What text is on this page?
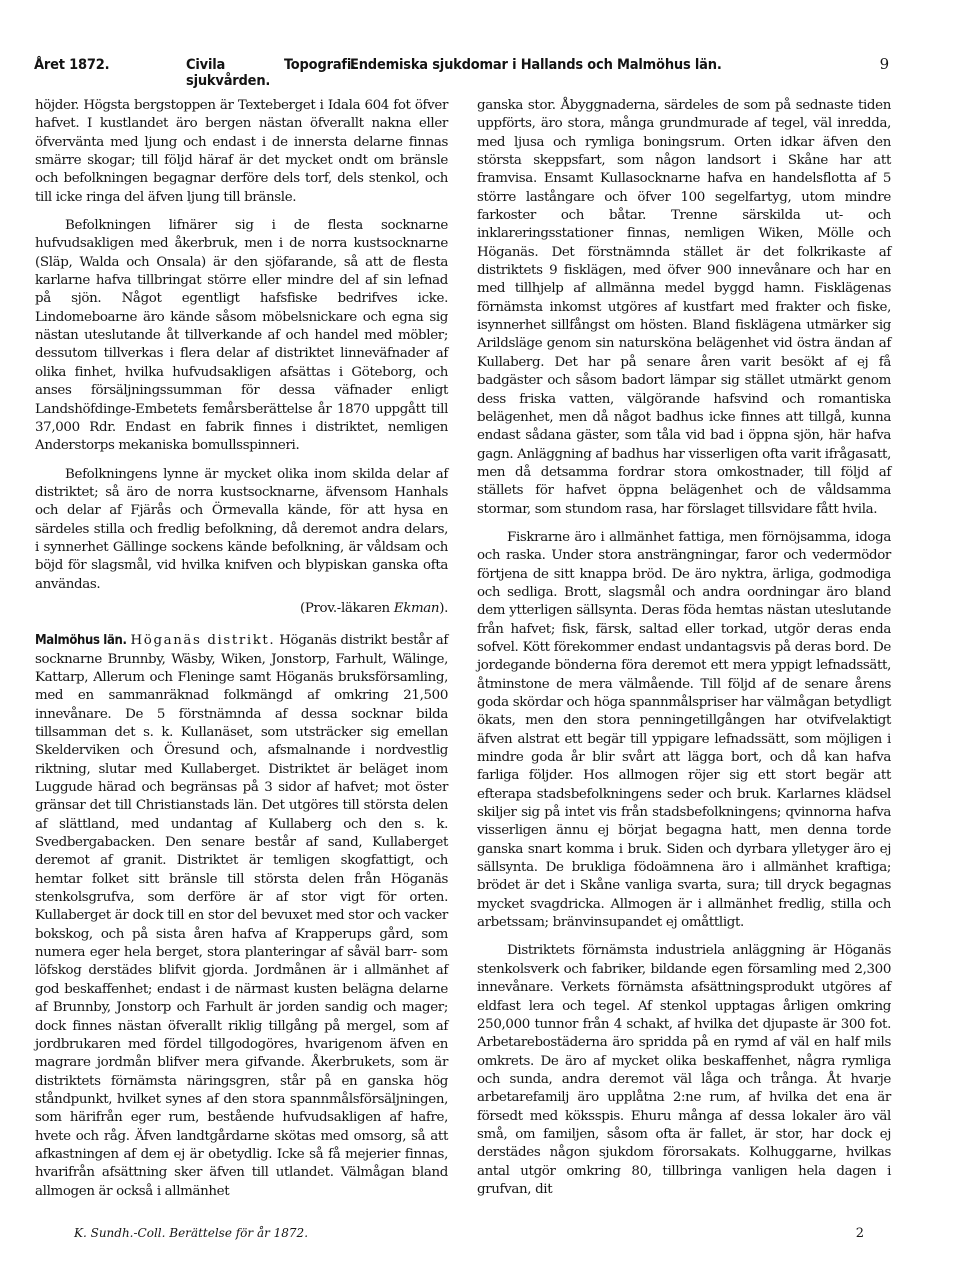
Året 1872.	Civila sjukvården.
Topografi.
Endemiska sjukdomar i Hallands och Malmöhus län.	9

höjder. Högsta bergstoppen är Texteberget i Idala 604 fot öfver hafvet. I kustlandet äro bergen nästan öfverallt nakna eller öfvervänta med ljung och endast i de innersta delarne finnas smärre skogar; till följd häraf är det mycket ondt om bränsle och befolkningen begagnar derföre dels torf, dels stenkol, och till icke ringa del äfven ljung till bränsle.

Befolkningen lifnärer sig i de flesta socknarne hufvudsakligen med åkerbruk, men i de norra kustsocknarne (Släp, Walda och Onsala) är den sjöfarande, så att de flesta karlarne hafva tillbringat större eller mindre del af sin lefnad på sjön. Något egentligt hafsfiske bedrifves icke. Lindomeboarne äro kände såsom möbelsnickare och egna sig nästan uteslutande åt tillverkande af och handel med möbler; dessutom tillverkas i flera delar af distriktet linneväfnader af olika finhet, hvilka hufvudsakligen afsättas i Göteborg, och anses försäljningssumman för dessa väfnader enligt Landshöfdinge-Embetets femårsberättelse år 1870 uppgått till 37,000 Rdr. Endast en fabrik finnes i distriktet, nemligen Anderstorps mekaniska bomullsspinneri.

Befolkningens lynne är mycket olika inom skilda delar af distriktet; så äro de norra kustsocknarne, äfvensom Hanhals och delar af Fjärås och Örmevalla kände, för att hysa en särdeles stilla och fredlig befolkning, då deremot andra delars, i synnerhet Gällinge sockens kände befolkning, är våldsam och böjd för slagsmål, vid hvilka knifven och blypiskan ganska ofta användas.

(Prov.-läkaren Ekman).

Malmöhus län. Höganäs distrikt. Höganäs distrikt består af socknarne Brunnby, Wäsby, Wiken, Jonstorp, Farhult, Wälinge, Kattarp, Allerum och Fleninge samt Höganäs bruksförsamling, med en sammanräknad folkmängd af omkring 21,500 innevånare. De 5 förstnämnda af dessa socknar bilda tillsamman det s. k. Kullanäset, som utsträcker sig emellan Skelderviken och Öresund och, afsmalnande i nordvestlig riktning, slutar med Kullaberget. Distriktet är beläget inom Luggude härad och begränsas på 3 sidor af hafvet; mot öster gränsar det till Christianstads län. Det utgöres till största delen af slättland, med undantag af Kullaberg och den s. k. Svedbergabacken. Den senare består af sand, Kullaberget deremot af granit. Distriktet är temligen skogfattigt, och hemtar folket sitt bränsle till största delen från Höganäs stenkolsgrufva, som derföre är af stor vigt för orten. Kullaberget är dock till en stor del bevuxet med stor och vacker bokskog, och på sista åren hafva af Krapperups gård, som numera eger hela berget, stora planteringar af såväl barr- som löfskog derstädes blifvit gjorda. Jordmånen är i allmänhet af god beskaffenhet; endast i de närmast kusten belägna delarne af Brunnby, Jonstorp och Farhult är jorden sandig och mager; dock finnes nästan öfverallt riklig tillgång på mergel, som af jordbrukaren med fördel tillgodogöres, hvarigenom äfven en magrare jordmån blifver mera gifvande. Åkerbrukets, som är distriktets förnämsta näringsgren, står på en ganska hög ståndpunkt, hvilket synes af den stora spannmålsförsäljningen, som härifrån eger rum, bestående hufvudsakligen af hafre, hvete och råg. Äfven landtgårdarne skötas med omsorg, så att afkastningen af dem ej är obetydlig. Icke så få mejerier finnas, hvarifrån afsättning sker äfven till utlandet. Välmågan bland allmogen är också i allmänhet

ganska stor. Åbyggnaderna, särdeles de som på sednaste tiden uppförts, äro stora, många grundmurade af tegel, väl inredda, med ljusa och rymliga boningsrum. Orten idkar äfven den största skeppsfart, som någon landsort i Skåne har att framvisa. Ensamt Kullasocknarne hafva en handelsflotta af 5 större lastångare och öfver 100 segelfartyg, utom mindre farkoster och båtar. Trenne särskilda ut- och inklareringsstationer finnas, nemligen Wiken, Mölle och Höganäs. Det förstnämnda stället är det folkrikaste af distriktets 9 fisklägen, med öfver 900 innevånare och har en med tillhjelp af allmänna medel byggd hamn. Fisklägenas förnämsta inkomst utgöres af kustfart med frakter och fiske, isynnerhet sillfångst om hösten. Bland fisklägena utmärker sig Arildsläge genom sin natursköna belägenhet vid östra ändan af Kullaberg. Det har på senare åren varit besökt af ej få badgäster och såsom badort lämpar sig stället utmärkt genom dess friska vatten, välgörande hafsvind och romantiska belägenhet, men då något badhus icke finnes att tillgå, kunna endast sådana gäster, som tåla vid bad i öppna sjön, här hafva gagn. Anläggning af badhus har visserligen ofta varit ifrågasatt, men då detsamma fordrar stora omkostnader, till följd af ställets för hafvet öppna belägenhet och de våldsamma stormar, som stundom rasa, har förslaget tillsvidare fått hvila.

Fiskrarne äro i allmänhet fattiga, men förnöjsamma, idoga och raska. Under stora ansträngningar, faror och vedermödor förtjena de sitt knappa bröd. De äro nyktra, ärliga, godmodiga och sedliga. Brott, slagsmål och andra oordningar äro bland dem ytterligen sällsynta. Deras föda hemtas nästan uteslutande från hafvet; fisk, färsk, saltad eller torkad, utgör deras enda sofvel. Kött förekommer endast undantagsvis på deras bord. De jordegande bönderna föra deremot ett mera yppigt lefnadssätt, åtminstone de mera välmående. Till följd af de senare årens goda skördar och höga spannmålspriser har välmågan betydligt ökats, men den stora penningetillgången har otvifvelaktigt äfven alstrat ett begär till yppigare lefnadssätt, som möjligen i mindre goda år blir svårt att lägga bort, och då kan hafva farliga följder. Hos allmogen röjer sig ett stort begär att efterapa stadsbefolkningens seder och bruk. Karlarnes klädsel skiljer sig på intet vis från stadsbefolkningens; qvinnorna hafva visserligen ännu ej börjat begagna hatt, men denna torde ganska snart komma i bruk. Siden och dyrbara ylletyger äro ej sällsynta. De brukliga födoämnena äro i allmänhet kraftiga; brödet är det i Skåne vanliga svarta, sura; till dryck begagnas mycket svagdricka. Allmogen är i allmänhet fredlig, stilla och arbetssam; bränvinsupandet ej omåttligt.

Distriktets förnämsta industriela anläggning är Höganäs stenkolsverk och fabriker, bildande egen församling med 2,300 innevånare. Verkets förnämsta afsättningsprodukt utgöres af eldfast lera och tegel. Af stenkol upptagas årligen omkring 250,000 tunnor från 4 schakt, af hvilka det djupaste är 300 fot. Arbetarebostäderna äro spridda på en rymd af väl en half mils omkrets. De äro af mycket olika beskaffenhet, några rymliga och sunda, andra deremot väl låga och trånga. Åt hvarje arbetarefamilj äro upplåtna 2:ne rum, af hvilka det ena är försedt med köksspis. Ehuru många af dessa lokaler äro väl små, om familjen, såsom ofta är fallet, är stor, har dock ej derstädes någon sjukdom förorsakats. Kolhuggarne, hvilkas antal utgör omkring 80, tillbringa vanligen hela dagen i grufvan, dit

K. Sundh.-Coll. Berättelse för år 1872.	2
